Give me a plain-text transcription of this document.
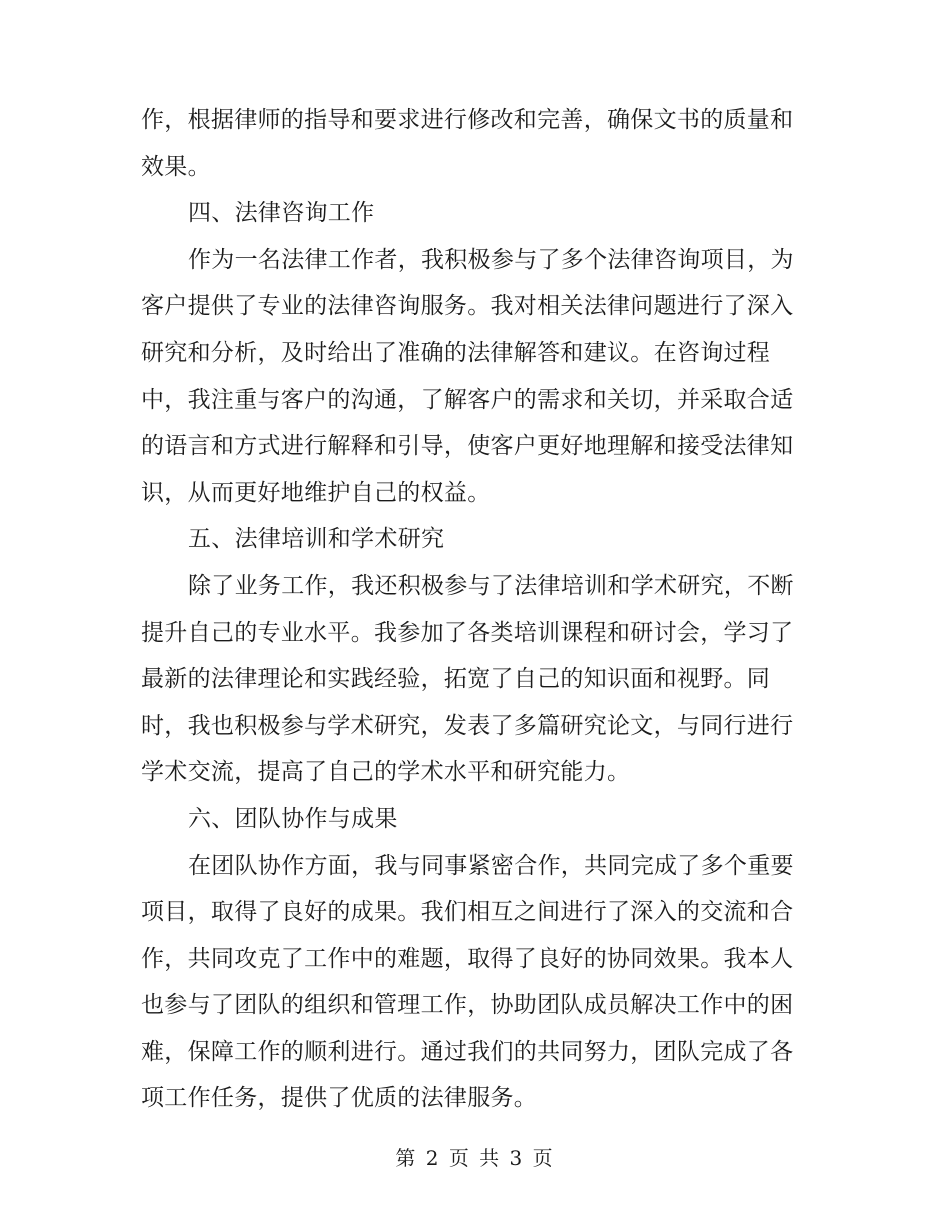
作，根据律师的指导和要求进行修改和完善，确保文书的质量和
效果。
四、法律咨询工作
作为一名法律工作者，我积极参与了多个法律咨询项目，为
客户提供了专业的法律咨询服务。我对相关法律问题进行了深入
研究和分析，及时给出了准确的法律解答和建议。在咨询过程
中，我注重与客户的沟通，了解客户的需求和关切，并采取合适
的语言和方式进行解释和引导，使客户更好地理解和接受法律知
识，从而更好地维护自己的权益。
五、法律培训和学术研究
除了业务工作，我还积极参与了法律培训和学术研究，不断
提升自己的专业水平。我参加了各类培训课程和研讨会，学习了
最新的法律理论和实践经验，拓宽了自己的知识面和视野。同
时，我也积极参与学术研究，发表了多篇研究论文，与同行进行
学术交流，提高了自己的学术水平和研究能力。
六、团队协作与成果
在团队协作方面，我与同事紧密合作，共同完成了多个重要
项目，取得了良好的成果。我们相互之间进行了深入的交流和合
作，共同攻克了工作中的难题，取得了良好的协同效果。我本人
也参与了团队的组织和管理工作，协助团队成员解决工作中的困
难，保障工作的顺利进行。通过我们的共同努力，团队完成了各
项工作任务，提供了优质的法律服务。
第 2 页 共 3 页
